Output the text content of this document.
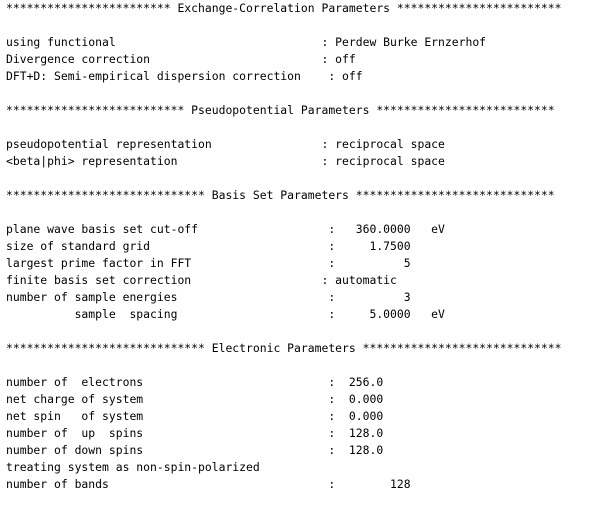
************************ Exchange-Correlation Parameters ************************
using functional                              : Perdew Burke Ernzerhof
Divergence correction                         : off
DFT+D: Semi-empirical dispersion correction    : off
************************** Pseudopotential Parameters **************************
pseudopotential representation                : reciprocal space
<beta|phi> representation                     : reciprocal space
***************************** Basis Set Parameters *****************************
plane wave basis set cut-off                   :   360.0000   eV
size of standard grid                          :     1.7500
largest prime factor in FFT                    :          5
finite basis set correction                   : automatic
number of sample energies                      :          3
sample  spacing                      :     5.0000   eV
***************************** Electronic Parameters *****************************
number of  electrons                           :  256.0
net charge of system                           :  0.000
net spin   of system                           :  0.000
number of  up  spins                           :  128.0
number of down spins                           :  128.0
treating system as non-spin-polarized
number of bands                                :        128
